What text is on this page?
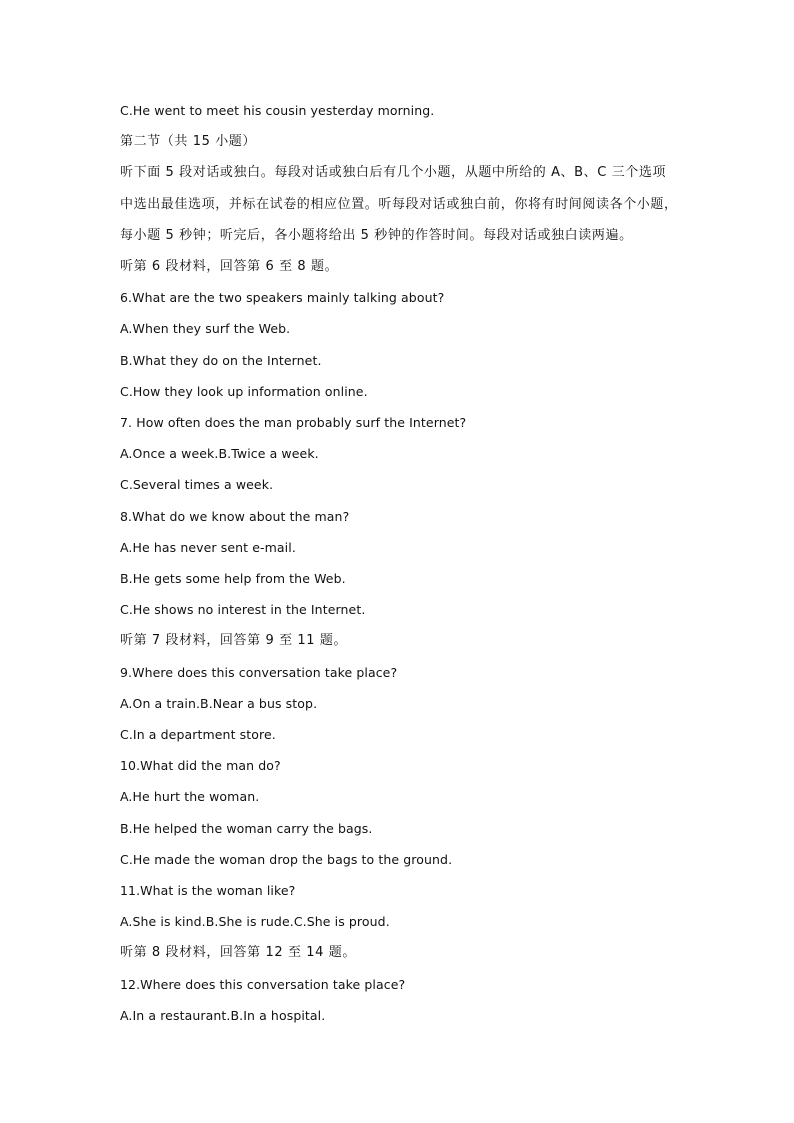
C.He went to meet his cousin yesterday morning.
第二节（共 15 小题）
听下面 5 段对话或独白。每段对话或独白后有几个小题，从题中所给的 A、B、C 三个选项
中选出最佳选项，并标在试卷的相应位置。听每段对话或独白前，你将有时间阅读各个小题，
每小题 5 秒钟；听完后，各小题将给出 5 秒钟的作答时间。每段对话或独白读两遍。
听第 6 段材料，回答第 6 至 8 题。
6.What are the two speakers mainly talking about?
A.When they surf the Web.
B.What they do on the Internet.
C.How they look up information online.
7. How often does the man probably surf the Internet?
A.Once a week.B.Twice a week.
C.Several times a week.
8.What do we know about the man?
A.He has never sent e-mail.
B.He gets some help from the Web.
C.He shows no interest in the Internet.
听第 7 段材料，回答第 9 至 11 题。
9.Where does this conversation take place?
A.On a train.B.Near a bus stop.
C.In a department store.
10.What did the man do?
A.He hurt the woman.
B.He helped the woman carry the bags.
C.He made the woman drop the bags to the ground.
11.What is the woman like?
A.She is kind.B.She is rude.C.She is proud.
听第 8 段材料，回答第 12 至 14 题。
12.Where does this conversation take place?
A.In a restaurant.B.In a hospital.
